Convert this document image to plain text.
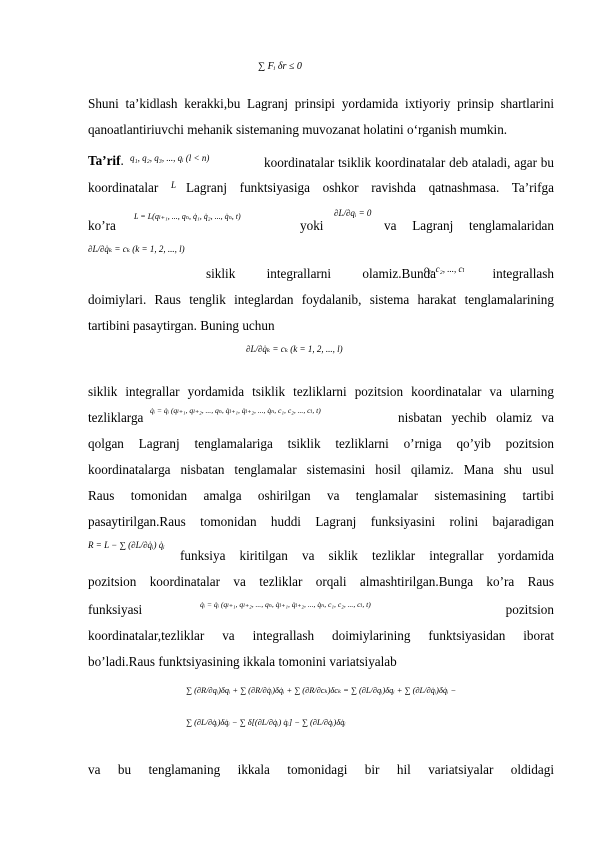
∑ Fᵢ δr ≤ 0
Shuni ta’kidlash kerakki,bu Lagranj prinsipi yordamida ixtiyoriy prinsip shartlarini
qanoatlantiriuvchi mehanik sistemaning muvozanat holatini o‘rganish mumkin.
Ta’rif. q₁, q₂, q₃, ..., qᵢ (l < n)	koordinatalar tsiklik koordinatalar deb ataladi, agar bu
koordinatalar	L Lagranj funktsiyasiga oshkor ravishda qatnashmasa. Ta’rifga
ko’ra
L = L(qₗ₊₁, ..., qₙ, q̇₁, q̇₂, ..., q̇ₙ, t)
yoki
∂L/∂qᵢ = 0
va Lagranj tenglamalaridan
∂L/∂q̇ₖ = cₖ (k = 1, 2, ..., l)
siklik integrallarni olamiz.Bunda
c₁, c₂, ..., cₗ	integrallash
doimiylari. Raus tenglik integlardan foydalanib, sistema harakat tenglamalarining
tartibini pasaytirgan. Buning uchun
∂L/∂q̇ₖ = cₖ (k = 1, 2, ..., l)
siklik integrallar yordamida tsiklik tezliklarni pozitsion koordinatalar va ularning
tezliklarga q̇ᵢ = q̇ᵢ (qₗ₊₁, qₗ₊₂, ..., qₙ, q̇ₗ₊₁, q̇ₗ₊₂, ..., q̇ₙ, c₁, c₂, ..., cₗ, t)	nisbatan yechib olamiz va
qolgan Lagranj tenglamalariga tsiklik tezliklarni o’rniga qo’yib pozitsion
koordinatalarga nisbatan tenglamalar sistemasini hosil qilamiz. Mana shu usul
Raus tomonidan amalga oshirilgan va tenglamalar sistemasining tartibi
pasaytirilgan.Raus tomonidan huddi Lagranj funksiyasini rolini bajaradigan
R = L − ∑ (∂L/∂q̇ᵢ) q̇ᵢ
funksiya kiritilgan va siklik tezliklar integrallar yordamida
pozitsion koordinatalar va tezliklar orqali almashtirilgan.Bunga ko’ra Raus
funksiyasi	q̇ᵢ = q̇ᵢ (qₗ₊₁, qₗ₊₂, ..., qₙ, q̇ₗ₊₁, q̇ₗ₊₂, ..., q̇ₙ, c₁, c₂, ..., cₗ, t)	pozitsion
koordinatalar,tezliklar va integrallash doimiylarining funktsiyasidan iborat
bo’ladi.Raus funktsiyasining ikkala tomonini variatsiyalab
∑ (∂R/∂qᵢ)δqᵢ + ∑ (∂R/∂q̇ᵢ)δq̇ᵢ + ∑ (∂R/∂cₖ)δcₖ = ∑ (∂L/∂qᵢ)δqᵢ + ∑ (∂L/∂q̇ᵢ)δq̇ᵢ −
∑ (∂L/∂q̇ᵢ)δq̇ᵢ − ∑ δ[(∂L/∂q̇ᵢ) q̇ᵢ] − ∑ (∂L/∂q̇ᵢ)δq̇ᵢ
va bu tenglamaning ikkala tomonidagi bir hil variatsiyalar oldidagi
